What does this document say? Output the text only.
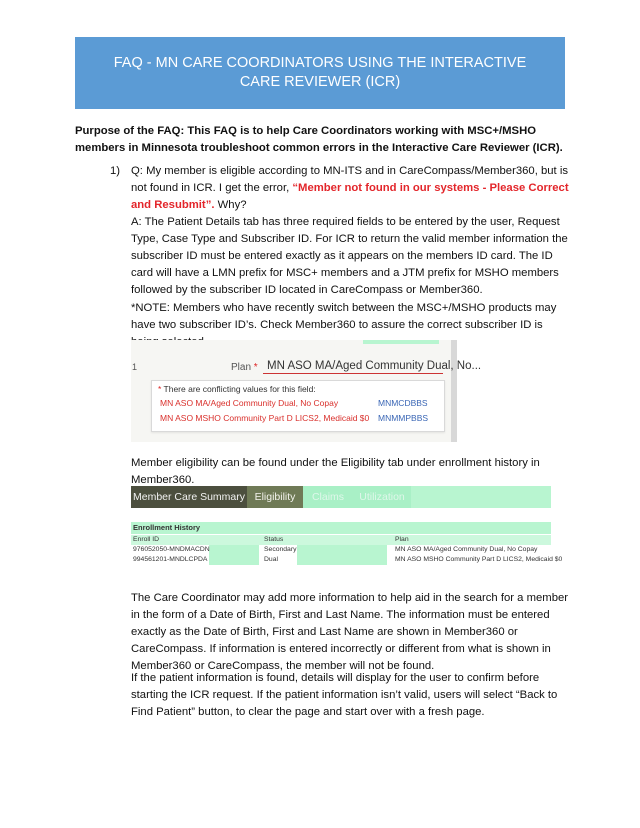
FAQ - MN CARE COORDINATORS USING THE INTERACTIVE CARE REVIEWER (ICR)
Purpose of the FAQ: This FAQ is to help Care Coordinators working with MSC+/MSHO members in Minnesota troubleshoot common errors in the Interactive Care Reviewer (ICR).
1) Q: My member is eligible according to MN-ITS and in CareCompass/Member360, but is not found in ICR. I get the error, “Member not found in our systems - Please Correct and Resubmit”. Why?
A: The Patient Details tab has three required fields to be entered by the user, Request Type, Case Type and Subscriber ID. For ICR to return the valid member information the subscriber ID must be entered exactly as it appears on the members ID card. The ID card will have a LMN prefix for MSC+ members and a JTM prefix for MSHO members followed by the subscriber ID located in CareCompass or Member360.
*NOTE: Members who have recently switch between the MSC+/MSHO products may have two subscriber ID’s. Check Member360 to assure the correct subscriber ID is
1	Plan * MN ASO MA/Aged Community Dual, No...
* There are conflicting values for this field:
MN ASO MA/Aged Community Dual, No Copay	MNMCDBBS
MN ASO MSHO Community Part D LICS2, Medicaid $0 MNMMPBBS
Member eligibility can be found under the Eligibility tab under enrollment history in Member360.
Member Care Summary Eligibility	Claims	Utilization
Enrollment History
Enroll ID	Status	Plan
976052050-MNDMACDN	Secondary	MN ASO MA/Aged Community Dual, No Copay
994561201-MNDLCPDA	Dual	MN ASO MSHO Community Part D LICS2, Medicaid $0
The Care Coordinator may add more information to help aid in the search for a member in the form of a Date of Birth, First and Last Name. The information must be entered exactly as the Date of Birth, First and Last Name are shown in Member360 or CareCompass. If information is entered incorrectly or different from what is shown in Member360 or CareCompass, the member will not be found.
If the patient information is found, details will display for the user to confirm before starting the ICR request. If the patient information isn’t valid, users will select “Back to Find Patient” button, to clear the page and start over with a fresh page.
